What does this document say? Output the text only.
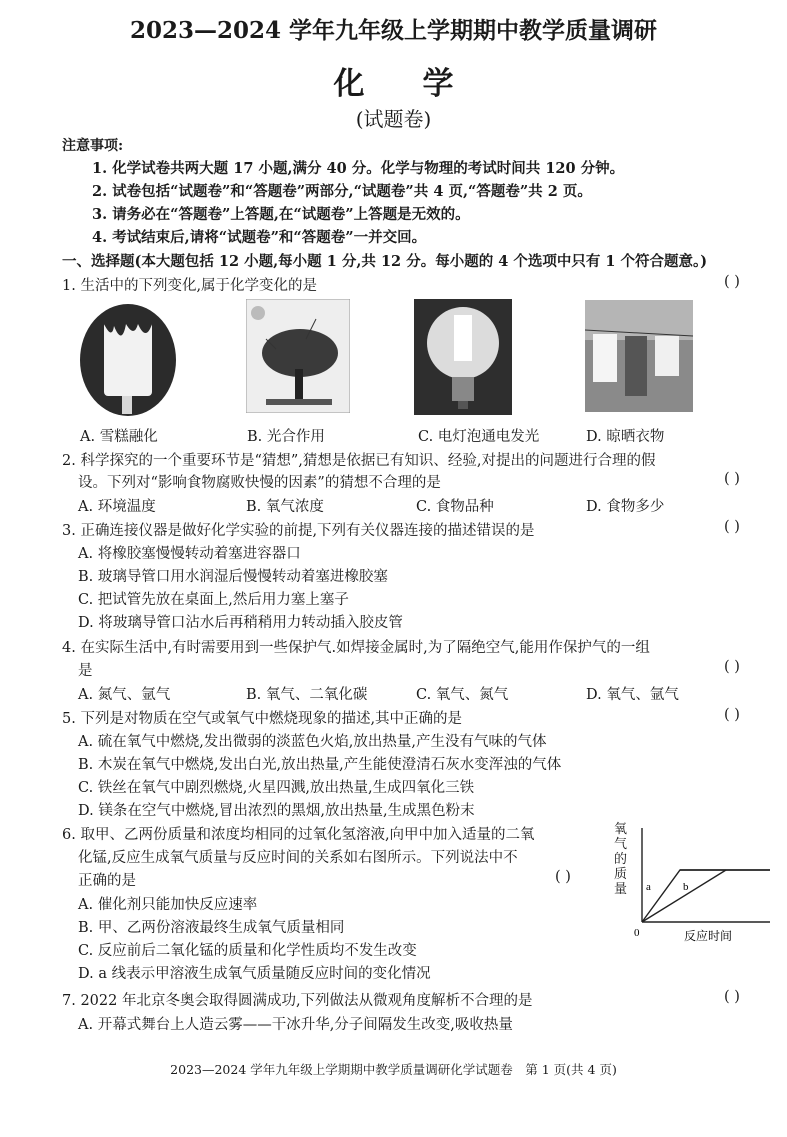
2023—2024 学年九年级上学期期中教学质量调研
化学
(试题卷)
注意事项:
1. 化学试卷共两大题 17 小题,满分 40 分。化学与物理的考试时间共 120 分钟。
2. 试卷包括“试题卷”和“答题卷”两部分,“试题卷”共 4 页,“答题卷”共 2 页。
3. 请务必在“答题卷”上答题,在“试题卷”上答题是无效的。
4. 考试结束后,请将“试题卷”和“答题卷”一并交回。
一、选择题(本大题包括 12 小题,每小题 1 分,共 12 分。每小题的 4 个选项中只有 1 个符合题意。)
1. 生活中的下列变化,属于化学变化的是	( )
A. 雪糕融化	B. 光合作用	C. 电灯泡通电发光	D. 晾晒衣物
2. 科学探究的一个重要环节是“猜想”,猜想是依据已有知识、经验,对提出的问题进行合理的假
设。下列对“影响食物腐败快慢的因素”的猜想不合理的是	( )
A. 环境温度	B. 氧气浓度	C. 食物品种	D. 食物多少
3. 正确连接仪器是做好化学实验的前提,下列有关仪器连接的描述错误的是	( )
A. 将橡胶塞慢慢转动着塞进容器口
B. 玻璃导管口用水润湿后慢慢转动着塞进橡胶塞
C. 把试管先放在桌面上,然后用力塞上塞子
D. 将玻璃导管口沾水后再稍稍用力转动插入胶皮管
4. 在实际生活中,有时需要用到一些保护气.如焊接金属时,为了隔绝空气,能用作保护气的一组
是	( )
A. 氮气、氩气	B. 氧气、二氧化碳	C. 氧气、氮气	D. 氧气、氩气
5. 下列是对物质在空气或氧气中燃烧现象的描述,其中正确的是	( )
A. 硫在氧气中燃烧,发出微弱的淡蓝色火焰,放出热量,产生没有气味的气体
B. 木炭在氧气中燃烧,发出白光,放出热量,产生能使澄清石灰水变浑浊的气体
C. 铁丝在氧气中剧烈燃烧,火星四溅,放出热量,生成四氧化三铁
D. 镁条在空气中燃烧,冒出浓烈的黑烟,放出热量,生成黑色粉末
6. 取甲、乙两份质量和浓度均相同的过氧化氢溶液,向甲中加入适量的二氧
化锰,反应生成氧气质量与反应时间的关系如右图所示。下列说法中不
正确的是	( )
A. 催化剂只能加快反应速率
B. 甲、乙两份溶液最终生成氧气质量相同
C. 反应前后二氧化锰的质量和化学性质均不发生改变
D. a 线表示甲溶液生成氧气质量随反应时间的变化情况
a	b
0	反应时间
氧气的质量
7. 2022 年北京冬奥会取得圆满成功,下列做法从微观角度解析不合理的是	( )
A. 开幕式舞台上人造云雾——干冰升华,分子间隔发生改变,吸收热量
2023—2024 学年九年级上学期期中教学质量调研化学试题卷　第 1 页(共 4 页)
